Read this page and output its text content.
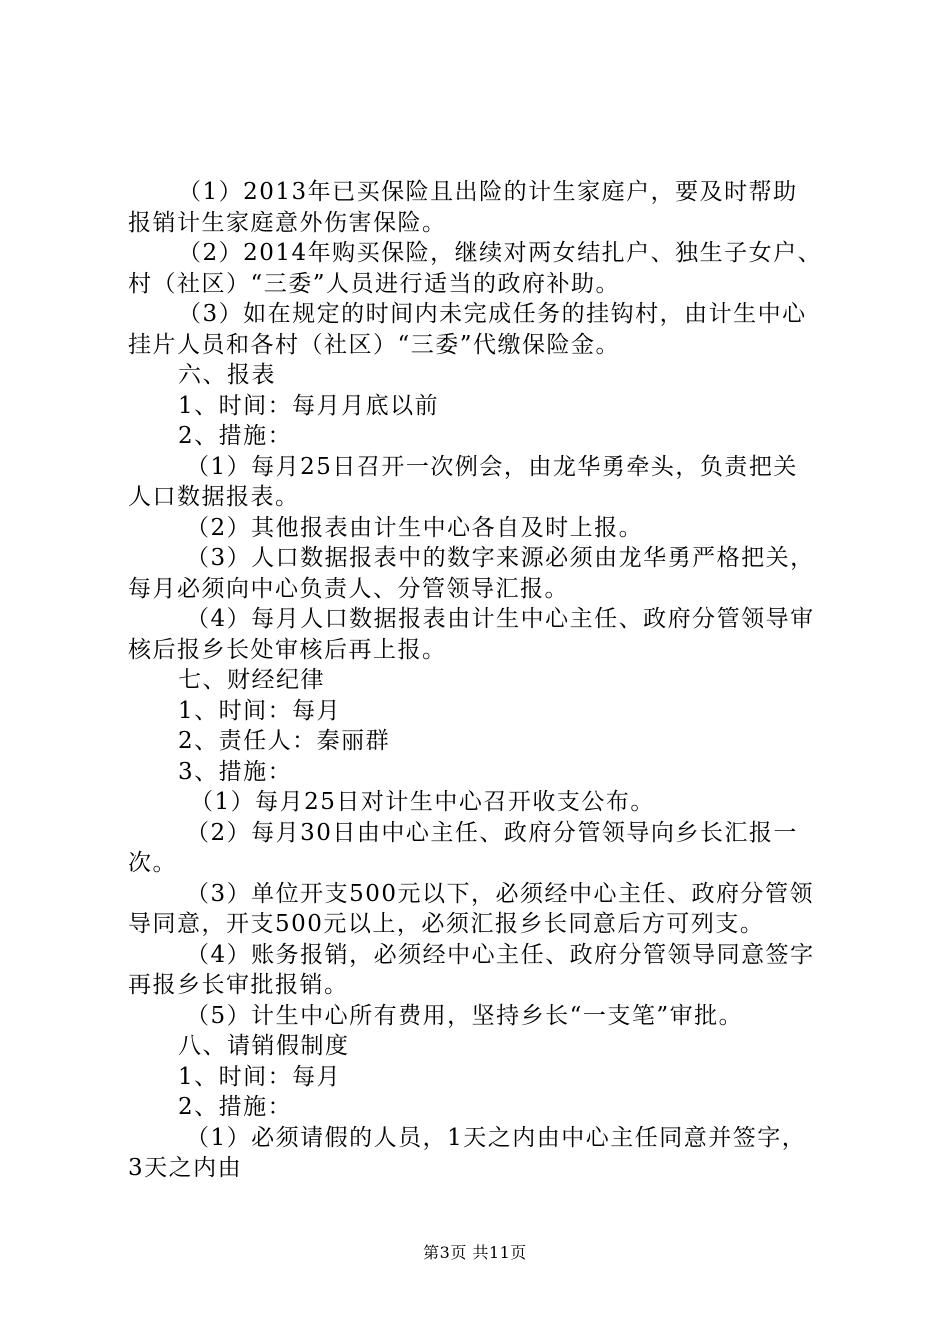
（1）2013年已买保险且出险的计生家庭户，要及时帮助
报销计生家庭意外伤害保险。
（2）2014年购买保险，继续对两女结扎户、独生子女户、
村（社区）“三委”人员进行适当的政府补助。
（3）如在规定的时间内未完成任务的挂钩村，由计生中心
挂片人员和各村（社区）“三委”代缴保险金。
六、报表
1、时间：每月月底以前
2、措施：
（1）每月25日召开一次例会，由龙华勇牵头，负责把关
人口数据报表。
（2）其他报表由计生中心各自及时上报。
（3）人口数据报表中的数字来源必须由龙华勇严格把关，
每月必须向中心负责人、分管领导汇报。
（4）每月人口数据报表由计生中心主任、政府分管领导审
核后报乡长处审核后再上报。
七、财经纪律
1、时间：每月
2、责任人：秦丽群
3、措施：
（1）每月25日对计生中心召开收支公布。
（2）每月30日由中心主任、政府分管领导向乡长汇报一
次。
（3）单位开支500元以下，必须经中心主任、政府分管领
导同意，开支500元以上，必须汇报乡长同意后方可列支。
（4）账务报销，必须经中心主任、政府分管领导同意签字
再报乡长审批报销。
（5）计生中心所有费用，坚持乡长“一支笔”审批。
八、请销假制度
1、时间：每月
2、措施：
（1）必须请假的人员，1天之内由中心主任同意并签字，
3天之内由
第3页 共11页
